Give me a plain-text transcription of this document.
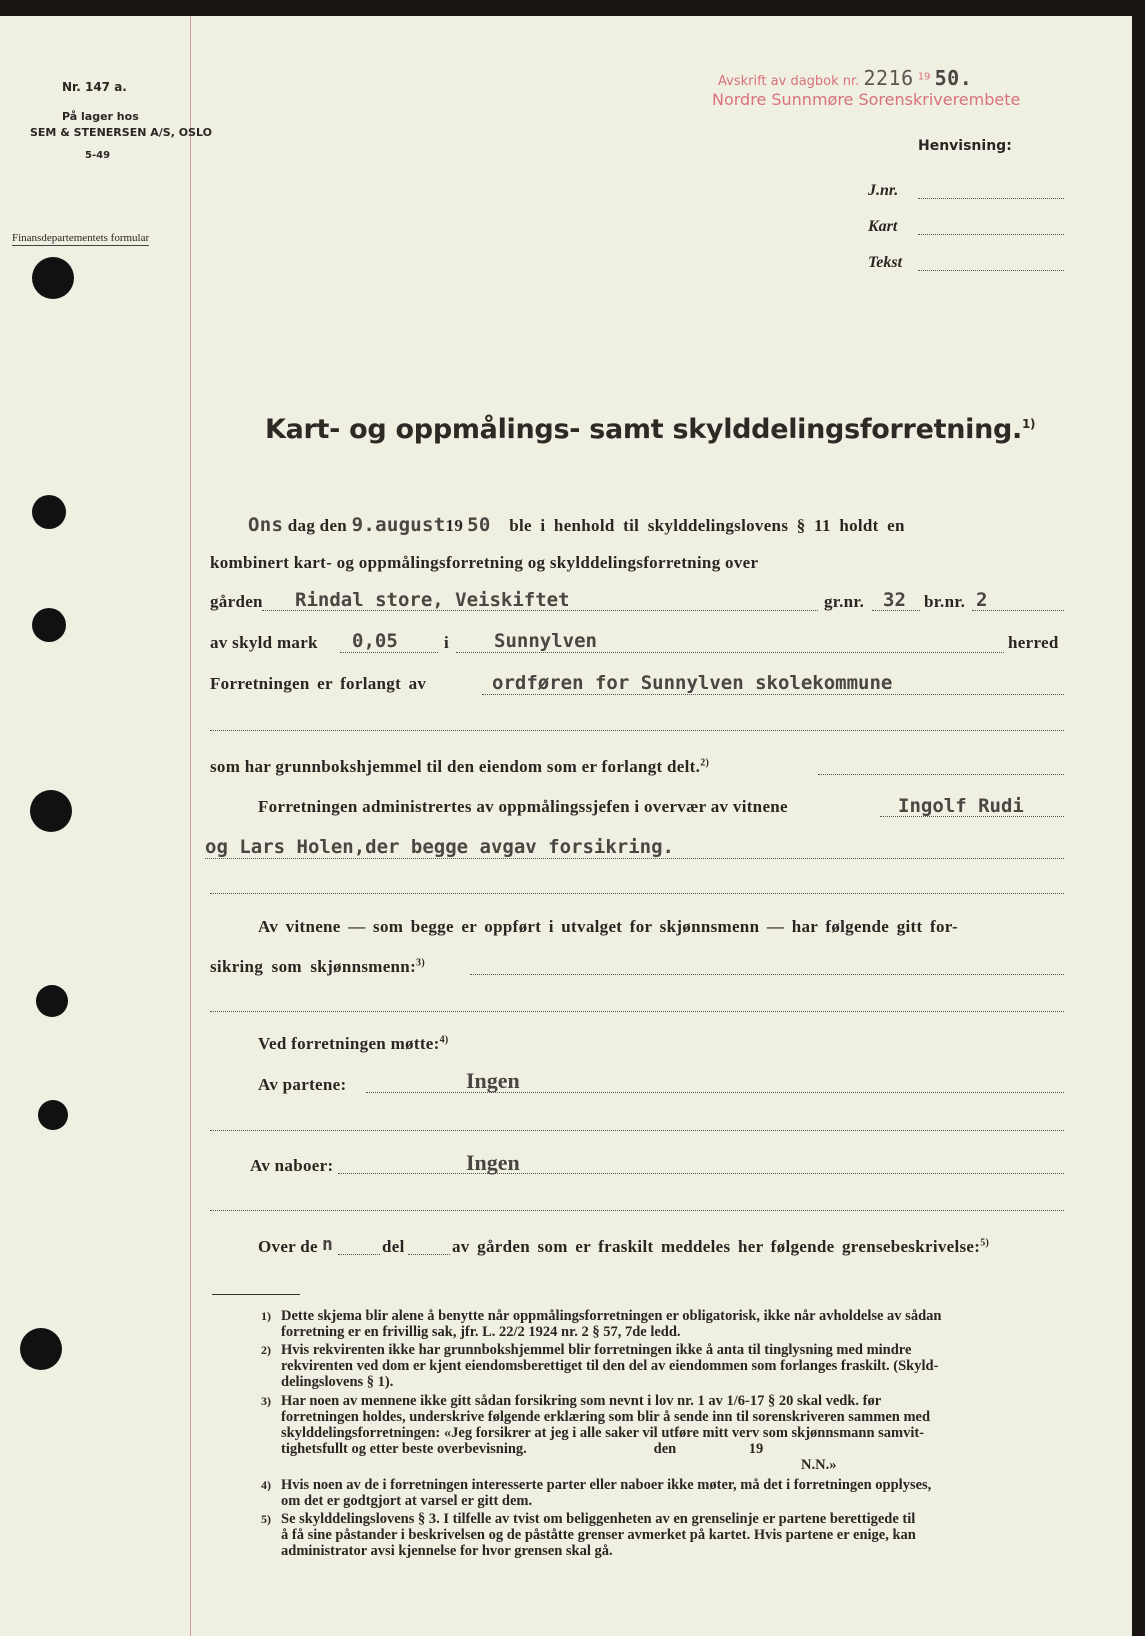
Nr. 147 a.
På lager hos
SEM & STENERSEN A/S, OSLO
5-49
Finansdepartementets formular
Avskrift av dagbok nr. 2216 $^{19}$ 50.
Nordre Sunnmøre Sorenskriverembete
Henvisning:
J.nr.
Kart
Tekst
Kart- og oppmålings- samt skylddelingsforretning.$^{1)}$
Ons dag den 9.august19 50 ble i henhold til skylddelingslovens § 11 holdt en
kombinert kart- og oppmålingsforretning og skylddelingsforretning over
gården Rindal store, Veiskiftet	gr.nr. 32 br.nr. 2
av skyld mark 0,05	i Sunnylven	herred
Forretningen er forlangt av	ordføren for Sunnylven skolekommune
som har grunnbokshjemmel til den eiendom som er forlangt delt.$^{2)}$
Forretningen administrertes av oppmålingssjefen i overvær av vitnene	Ingolf Rudi
og Lars Holen,der begge avgav forsikring.
Av vitnene — som begge er oppført i utvalget for skjønnsmenn — har følgende gitt for-
sikring som skjønnsmenn:$^{3)}$
Ved forretningen møtte:$^{4)}$
Av partene:	Ingen
Av naboer:	Ingen
Over de n	del	av gården som er fraskilt meddeles her følgende grensebeskrivelse:$^{5)}$
1) Dette skjema blir alene å benytte når oppmålingsforretningen er obligatorisk, ikke når avholdelse av sådan
forretning er en frivillig sak, jfr. L. 22/2 1924 nr. 2 § 57, 7de ledd.
2) Hvis rekvirenten ikke har grunnbokshjemmel blir forretningen ikke å anta til tinglysning med mindre
rekvirenten ved dom er kjent eiendomsberettiget til den del av eiendommen som forlanges fraskilt. (Skyld-
delingslovens § 1).
3) Har noen av mennene ikke gitt sådan forsikring som nevnt i lov nr. 1 av 1/6-17 § 20 skal vedk. før
forretningen holdes, underskrive følgende erklæring som blir å sende inn til sorenskriveren sammen med
skylddelingsforretningen: «Jeg forsikrer at jeg i alle saker vil utføre mitt verv som skjønnsmann samvit-
tighetsfullt og etter beste overbevisning.                                   den                    19
N.N.»
4) Hvis noen av de i forretningen interesserte parter eller naboer ikke møter, må det i forretningen opplyses,
om det er godtgjort at varsel er gitt dem.
5) Se skylddelingslovens § 3. I tilfelle av tvist om beliggenheten av en grenselinje er partene berettigede til
å få sine påstander i beskrivelsen og de påståtte grenser avmerket på kartet. Hvis partene er enige, kan
administrator avsi kjennelse for hvor grensen skal gå.
